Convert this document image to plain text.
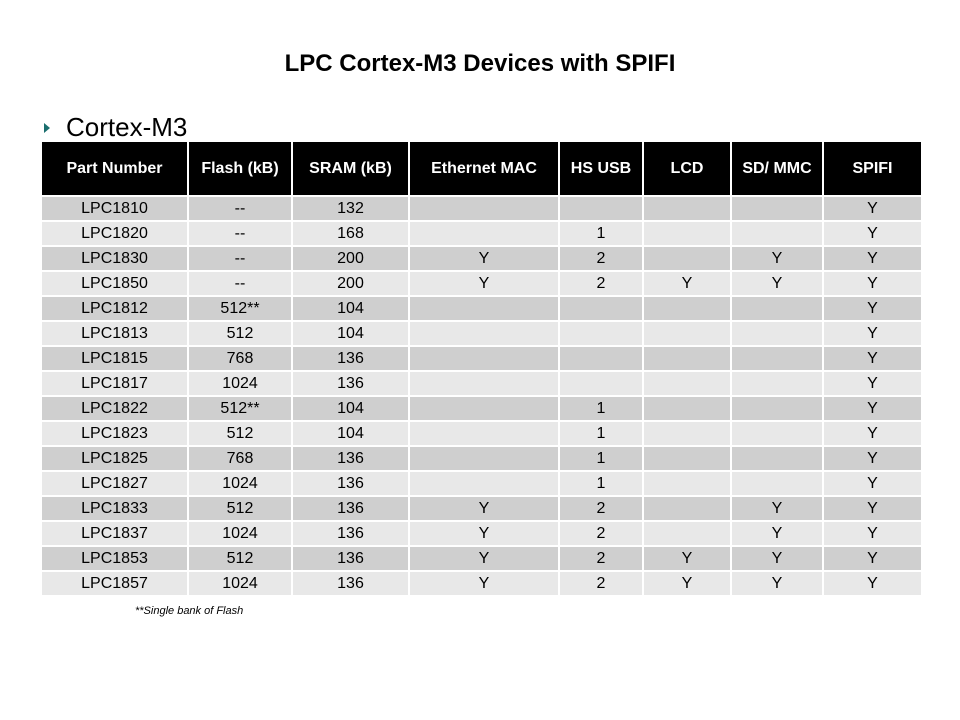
LPC Cortex-M3 Devices with SPIFI
Cortex-M3
Part Number	Flash (kB)	SRAM (kB)	Ethernet MAC	HS USB	LCD	SD/ MMC	SPIFI
LPC1810	--	132					Y
LPC1820	--	168		1			Y
LPC1830	--	200	Y	2		Y	Y
LPC1850	--	200	Y	2	Y	Y	Y
LPC1812	512**	104					Y
LPC1813	512	104					Y
LPC1815	768	136					Y
LPC1817	1024	136					Y
LPC1822	512**	104		1			Y
LPC1823	512	104		1			Y
LPC1825	768	136		1			Y
LPC1827	1024	136		1			Y
LPC1833	512	136	Y	2		Y	Y
LPC1837	1024	136	Y	2		Y	Y
LPC1853	512	136	Y	2	Y	Y	Y
LPC1857	1024	136	Y	2	Y	Y	Y
**Single bank of Flash
